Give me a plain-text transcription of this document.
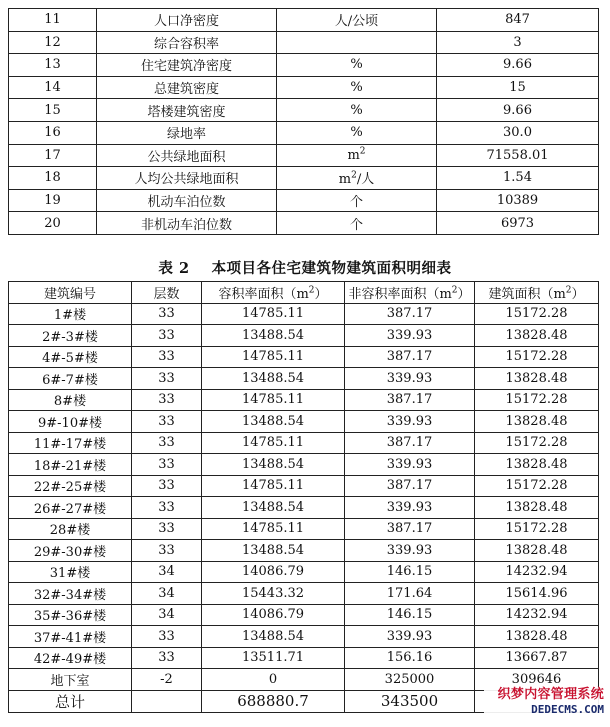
11	人口净密度	人/公顷	847
12	综合容积率		3
13	住宅建筑净密度	%	9.66
14	总建筑密度	%	15
15	塔楼建筑密度	%	9.66
16	绿地率	%	30.0
17	公共绿地面积	$m^2$	71558.01
18	人均公共绿地面积	$m^2/$人	1.54
19	机动车泊位数	个	10389
20	非机动车泊位数	个	6973
表 2 本项目各住宅建筑物建筑面积明细表
建筑编号	层数	容积率面积$(m^2)$	非容积率面积$(m^2)$	建筑面积$(m^2)$
1#楼	33	14785.11	387.17	15172.28
2#-3#楼	33	13488.54	339.93	13828.48
4#-5#楼	33	14785.11	387.17	15172.28
6#-7#楼	33	13488.54	339.93	13828.48
8#楼	33	14785.11	387.17	15172.28
9#-10#楼	33	13488.54	339.93	13828.48
11#-17#楼	33	14785.11	387.17	15172.28
18#-21#楼	33	13488.54	339.93	13828.48
22#-25#楼	33	14785.11	387.17	15172.28
26#-27#楼	33	13488.54	339.93	13828.48
28#楼	33	14785.11	387.17	15172.28
29#-30#楼	33	13488.54	339.93	13828.48
31#楼	34	14086.79	146.15	14232.94
32#-34#楼	34	15443.32	171.64	15614.96
35#-36#楼	34	14086.79	146.15	14232.94
37#-41#楼	33	13488.54	339.93	13828.48
42#-49#楼	33	13511.71	156.16	13667.87
地下室	-2	0	325000	309646
总计		688880.7	343500		织梦内容管理系统
DEDECMS.COM
